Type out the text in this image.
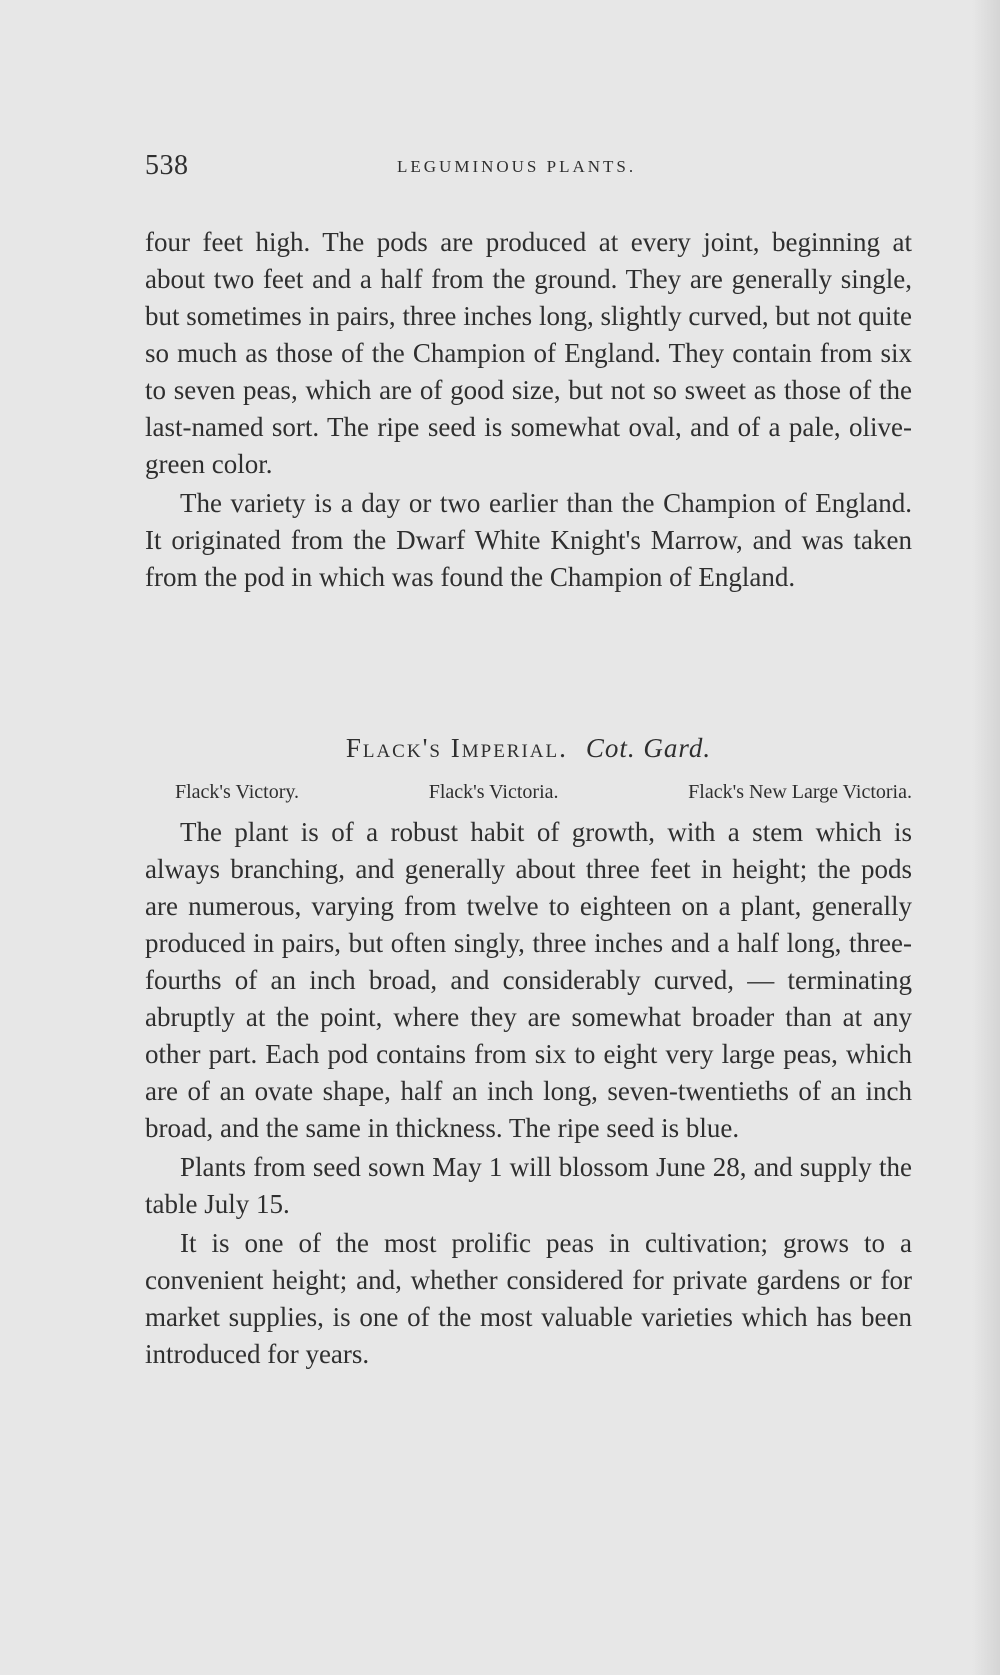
538	LEGUMINOUS PLANTS.

four feet high. The pods are produced at every joint, beginning at about two feet and a half from the ground. They are generally single, but sometimes in pairs, three inches long, slightly curved, but not quite so much as those of the Champion of England. They contain from six to seven peas, which are of good size, but not so sweet as those of the last-named sort. The ripe seed is somewhat oval, and of a pale, olive-green color.

The variety is a day or two earlier than the Champion of England. It originated from the Dwarf White Knight's Marrow, and was taken from the pod in which was found the Champion of England.

Flack's Imperial. Cot. Gard.
Flack's Victory.	Flack's Victoria.	Flack's New Large Victoria.

The plant is of a robust habit of growth, with a stem which is always branching, and generally about three feet in height; the pods are numerous, varying from twelve to eighteen on a plant, generally produced in pairs, but often singly, three inches and a half long, three-fourths of an inch broad, and considerably curved, — terminating abruptly at the point, where they are somewhat broader than at any other part. Each pod contains from six to eight very large peas, which are of an ovate shape, half an inch long, seven-twentieths of an inch broad, and the same in thickness. The ripe seed is blue.

Plants from seed sown May 1 will blossom June 28, and supply the table July 15.

It is one of the most prolific peas in cultivation; grows to a convenient height; and, whether considered for private gardens or for market supplies, is one of the most valuable varieties which has been introduced for years.
